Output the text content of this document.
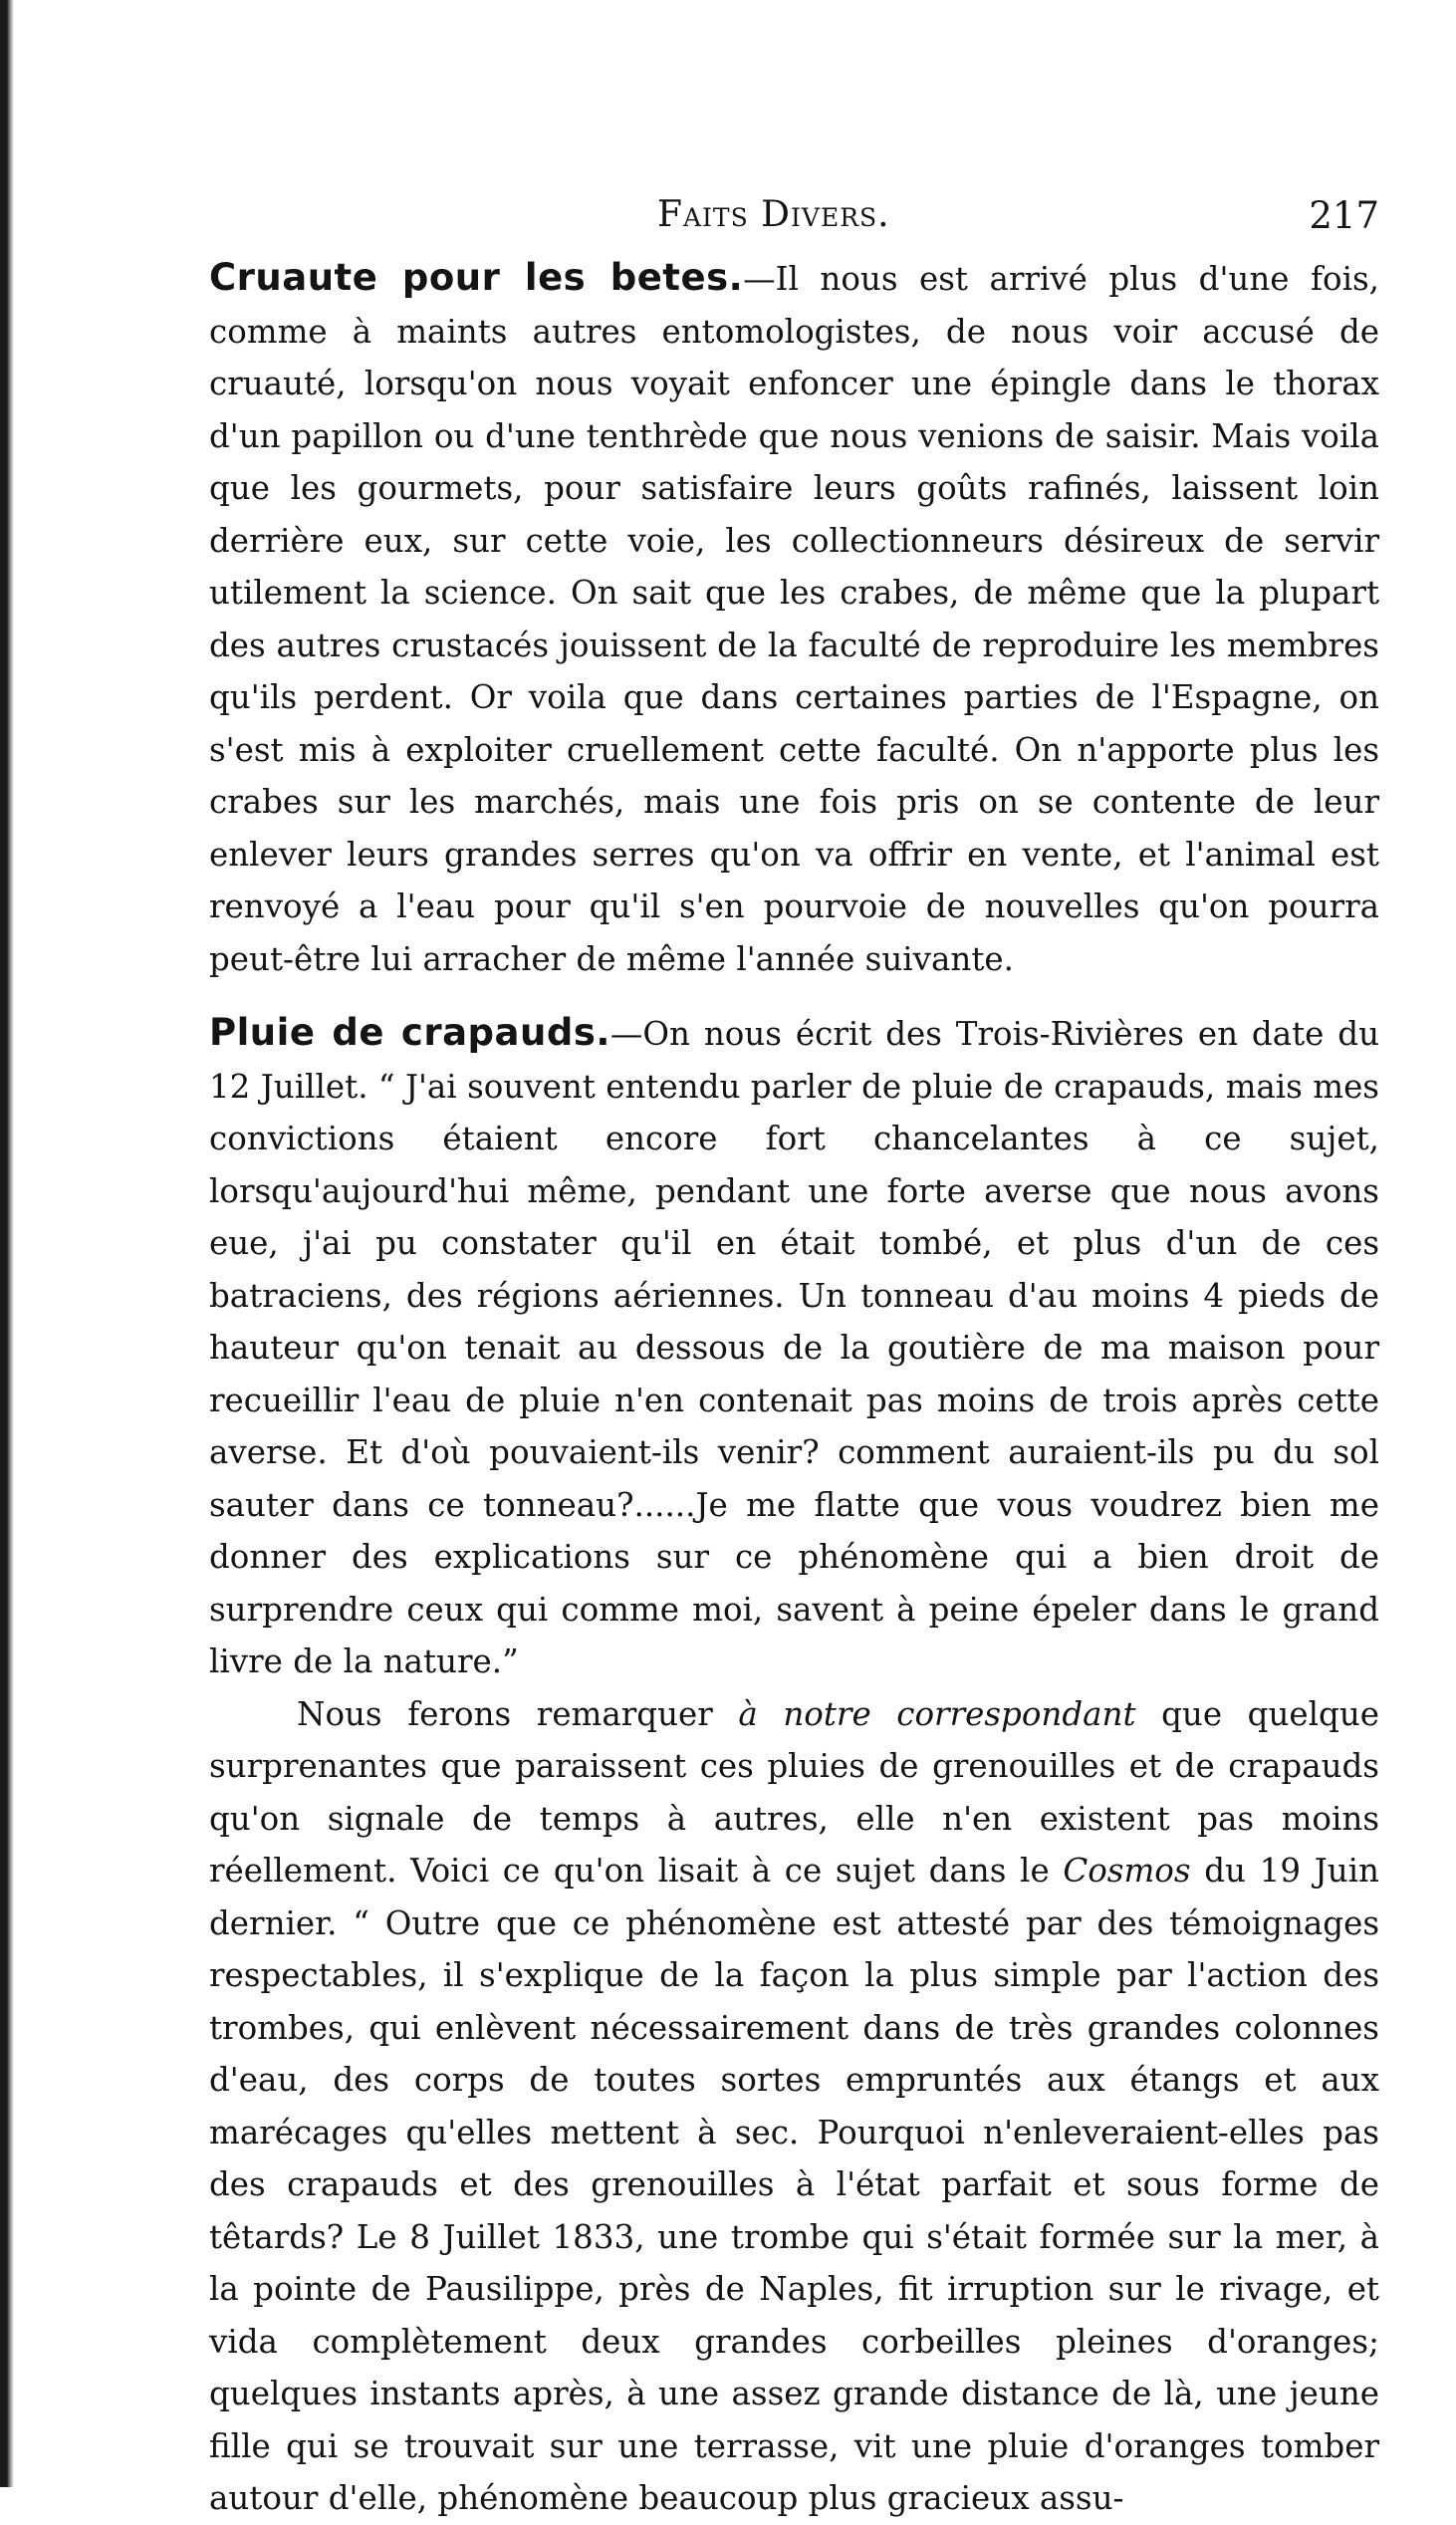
Faits Divers.	217

Cruaute pour les betes.—Il nous est arrivé plus d'une fois, comme à maints autres entomologistes, de nous voir accusé de cruauté, lorsqu'on nous voyait enfoncer une épingle dans le thorax d'un papillon ou d'une tenthrède que nous venions de saisir. Mais voila que les gourmets, pour satisfaire leurs goûts rafinés, laissent loin derrière eux, sur cette voie, les collectionneurs désireux de servir utilement la science. On sait que les crabes, de même que la plupart des autres crustacés jouissent de la faculté de reproduire les membres qu'ils perdent. Or voila que dans certaines parties de l'Espagne, on s'est mis à exploiter cruellement cette faculté. On n'apporte plus les crabes sur les marchés, mais une fois pris on se contente de leur enlever leurs grandes serres qu'on va offrir en vente, et l'animal est renvoyé a l'eau pour qu'il s'en pourvoie de nouvelles qu'on pourra peut-être lui arracher de même l'année suivante.

Pluie de crapauds.—On nous écrit des Trois-Rivières en date du 12 Juillet. “ J'ai souvent entendu parler de pluie de crapauds, mais mes convictions étaient encore fort chancelantes à ce sujet, lorsqu'aujourd'hui même, pendant une forte averse que nous avons eue, j'ai pu constater qu'il en était tombé, et plus d'un de ces batraciens, des régions aériennes. Un tonneau d'au moins 4 pieds de hauteur qu'on tenait au dessous de la goutière de ma maison pour recueillir l'eau de pluie n'en contenait pas moins de trois après cette averse. Et d'où pouvaient-ils venir? comment auraient-ils pu du sol sauter dans ce tonneau?......Je me flatte que vous voudrez bien me donner des explications sur ce phénomène qui a bien droit de surprendre ceux qui comme moi, savent à peine épeler dans le grand livre de la nature.”

Nous ferons remarquer à notre correspondant que quelque surprenantes que paraissent ces pluies de grenouilles et de crapauds qu'on signale de temps à autres, elle n'en existent pas moins réellement. Voici ce qu'on lisait à ce sujet dans le Cosmos du 19 Juin dernier. “ Outre que ce phénomène est attesté par des témoignages respectables, il s'explique de la façon la plus simple par l'action des trombes, qui enlèvent nécessairement dans de très grandes colonnes d'eau, des corps de toutes sortes empruntés aux étangs et aux marécages qu'elles mettent à sec. Pourquoi n'enleveraient-elles pas des crapauds et des grenouilles à l'état parfait et sous forme de têtards? Le 8 Juillet 1833, une trombe qui s'était formée sur la mer, à la pointe de Pausilippe, près de Naples, fit irruption sur le rivage, et vida complètement deux grandes corbeilles pleines d'oranges; quelques instants après, à une assez grande distance de là, une jeune fille qui se trouvait sur une terrasse, vit une pluie d'oranges tomber autour d'elle, phénomène beaucoup plus gracieux assu-
